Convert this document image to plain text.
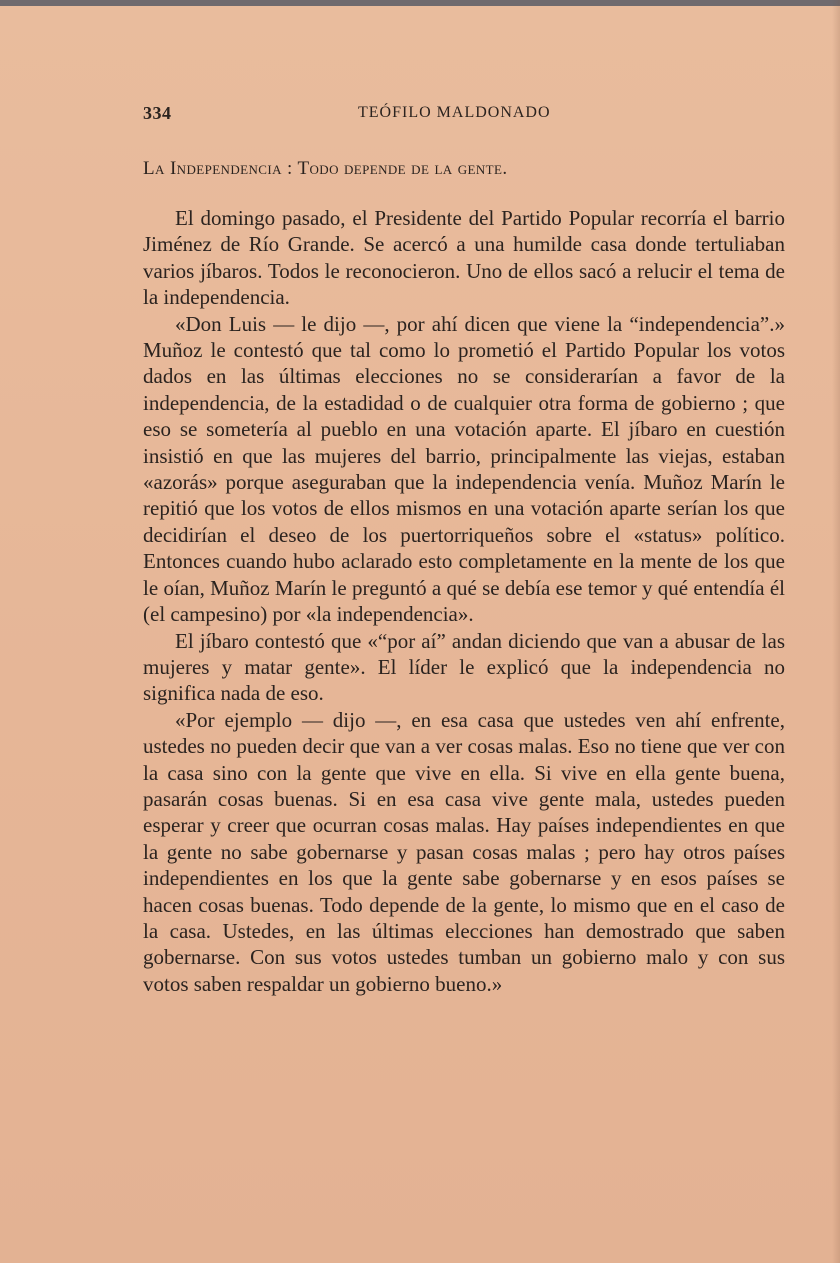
334	TEÓFILO MALDONADO
La Independencia : Todo depende de la gente.

El domingo pasado, el Presidente del Partido Popular recorría el barrio Jiménez de Río Grande. Se acercó a una humilde casa donde tertuliaban varios jíbaros. Todos le reconocieron. Uno de ellos sacó a relucir el tema de la independencia.

«Don Luis — le dijo —, por ahí dicen que viene la “independencia”.» Muñoz le contestó que tal como lo prometió el Partido Popular los votos dados en las últimas elecciones no se considerarían a favor de la independencia, de la estadidad o de cualquier otra forma de gobierno ; que eso se sometería al pueblo en una votación aparte. El jíbaro en cuestión insistió en que las mujeres del barrio, principalmente las viejas, estaban «azorás» porque aseguraban que la independencia venía. Muñoz Marín le repitió que los votos de ellos mismos en una votación aparte serían los que decidirían el deseo de los puertorriqueños sobre el «status» político. Entonces cuando hubo aclarado esto completamente en la mente de los que le oían, Muñoz Marín le preguntó a qué se debía ese temor y qué entendía él (el campesino) por «la independencia».

El jíbaro contestó que «“por aí” andan diciendo que van a abusar de las mujeres y matar gente». El líder le explicó que la independencia no significa nada de eso.

«Por ejemplo — dijo —, en esa casa que ustedes ven ahí enfrente, ustedes no pueden decir que van a ver cosas malas. Eso no tiene que ver con la casa sino con la gente que vive en ella. Si vive en ella gente buena, pasarán cosas buenas. Si en esa casa vive gente mala, ustedes pueden esperar y creer que ocurran cosas malas. Hay países independientes en que la gente no sabe gobernarse y pasan cosas malas ; pero hay otros países independientes en los que la gente sabe gobernarse y en esos países se hacen cosas buenas. Todo depende de la gente, lo mismo que en el caso de la casa. Ustedes, en las últimas elecciones han demostrado que saben gobernarse. Con sus votos ustedes tumban un gobierno malo y con sus votos saben respaldar un gobierno bueno.»
